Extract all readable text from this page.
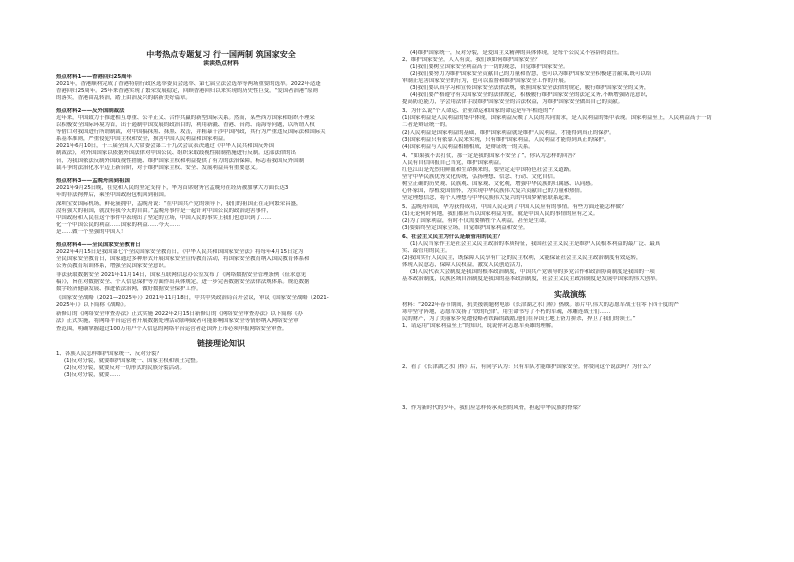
中考热点专题复习 行一国两制 筑国家安全
读读热点材料
热点材料1——香港回归25周年
2021年，香港顺利完成了香港特别行政区选举委员会选举、第七届立法会选举等两场重要的选举。2022年适逢
香港回归25周年。25年来香港实现了繁荣发展稳定，回顾香港回归以来实现的历史性巨变，“爱国者治港”原则
的落实，香港由乱转治，踏上由治及兴的崭新美好篇章。
热点材料2——反外国制裁法
近年来，中国致力于推进相互尊重、公平正义、合作共赢的新型国际关系。然而，某些西方国家和组织不理采
以积极安全国际环境为首，出于遏制中国发展的政治目的，利用新疆、香港、台湾、南海等问题，以所谓人权
等借口对我国进行所谓制裁，对中国搞抹黑、抹黑、攻击，并粗暴干涉中国内政，其行为严重违反国际法和国际关
系基本准则，严重侵犯中国主权和安全，损害中国人民利益和国家利益。
2021年6月10日，十三届全国人大常委会第二十九次会议表决通过《中华人民共和国反外国
制裁法》，对外国国家以依据外国法律对中国公民、组织采取歧视性限制措施进行反制。这部法律的出
台，为我国依法反制外国歧视性措施、维护国家主权和利益提供了有力的法治保障，标志着我国反外国制
裁斗争的法治化水平迈上新台阶，对于维护国家主权、安全、发展利益具有重要意义。
热点材料3——孟晚舟回到祖国
2021年9月25日晚，在党和人民的坚定支持下，华为首席财务官孟晚舟在经历被加拿大方面长达3
年的非法拘押后，乘坐中国政府包机回到祖国。
深圳宝安国际机场，鲜花簇拥中，孟晚舟说：“在中国共产党的领导下，我们的祖国正在走向繁荣昌盛，
没有强大的祖国，就没有我今天的自由。”孟晚舟事件是一起针对中国公民的政治迫害事件，
中国政府和人民在这个事件中表现出了坚定的立场，中国人民的事实上我们也意识到了……
化一个中国公民的利益……国家的利益……今天……
是……做一个坚强的中国人！
热点材料4——全民国家安全教育日
2022年4月15日是我国第七个全民国家安全教育日，《中华人民共和国国家安全法》将每年4月15日定为
全民国家安全教育日，国家通过多种形式开展国家安全宣传教育活动，将国家安全教育纳入国民教育体系和
公务员教育培训体系，增强全民国家安全意识。
非法获取数据安全 2021年11月14日，国家互联网信息办公室发布了《网络数据安全管理条例（征求意见
稿）》，旨在对数据安全、个人信息保护等方面作出具体规定，进一步完善数据安全法律法规体系。规范数据
数字经济健康发展、推进依法治网，做好数据安全保护工作。
《国家安全战略（2021—2025年）》2021年11月18日，中共中央政治局召开会议，审议《国家安全战略（2021-
2025年）》以下简称《战略》。
新修订的《网络安全审查办法》正式实施 2022年2月15日新修订的《网络安全审查办法》以下简称《办
法》正式实施，将网络平台运营者开展数据处理活动影响或者可能影响国家安全等情形纳入网络安全审
查范围，明确掌握超过100万用户个人信息的网络平台运营者赴国外上市必须申报网络安全审查。
链接理论知识
1、各族人民怎样维护国家统一、反对分裂？
(1)反对分裂，就要维护国家统一、国家主权和领土完整。
(2)反对分裂，就要反对一切形式的民族分裂活动。
(3)反对分裂，就要……
(4)维护国家统一，反对分裂，是爱国主义精神的具体体现，是每个公民义不容辞的责任。
2、维护国家安全，人人有责，我们该如何维护国家安全？
(1)我们要树立国家安全利益高于一切的观念，自觉维护国家安全。
(2)我们要努力为维护国家安全贡献自己的力量和智慧，也可以为维护国家安全积极建言献策,既可以给
审制止危害国家安全的行为，也可以监督和维护国家安全工作的开展。
(3)我们要认真学习和宣传国家安全法律法规，依照国家安全法律的规定，履行维护国家安全的义务，
(4)我们要严格遵守有关国家安全的法律规定，积极履行维护国家安全的法定义务,不断增强防范意识，
提高防范能力，学会用法律手段维护国家安全的合法权益，为维护国家安全做出自己的贡献。
3、为什么说“个人命运、企业命运和国家的命运是牢牢相连的”？
(1)国家利益是人民利益的集中体现，国家利益反映了人民的共同需求，是人民利益的集中表现。国家利益至上，人民利益高于一切
二者是辩证统一的。
(2)人民利益是国家利益的基础，维护国家利益就是维护人民利益，才能得到真正的保护。
(3)国家利益只有依靠人民来实现，只有维护国家利益，人民利益才能得到真正的保护。
(4)国家利益与人民利益相辅相成，是辩证统一的关系。
4、“如果我不去打仗，那一定是我的国家不安全了”，你认为怎样的回答？
人民有自信回报自己当党，维护国家利益。
红色江山是先烈用鲜血和生命换来的，要坚定走中国特色社会主义道路。
坚守中华民族优秀文化传统，弘扬理想、信念、行动、文化自信。
树立正确的历史观、民族观、国家观、文化观，增强中华民族的归属感、认同感。
心怀家国，厚植爱国情怀，为实现中华民族伟大复兴贡献自己的力量和热情。
坚定理想信念，将个人理想与中华民族伟大复兴的中国梦紧密联系起来。
5、孟晚舟回国，华为获得成功，中国人民走到了中国人民应有的事情。有些方面还能怎样做？
(1)无论何时何地，我们都应当以国家利益为重，就是中国人民的事情的应有之义。
(2)为了国家利益，有时不仅需要牺牲个人利益，甚至是生命。
(3)要始终坚定国家立场，自觉维护国家利益和安全。
6、社会主义民主为什么是最管用的民主？
(1)人民当家作主是社会主义民主政治的本质特征，我国社会主义民主是维护人民根本利益的最广泛、最真
实、最管用的民主。
(2)我国实行人民民主，既保障人民享有广泛的民主权利，又能保证社会主义民主政治制度有效运转，
体现人民意志，保障人民权益，激发人民创造活力，
(3)人民代表大会制度是我国的根本政治制度，中国共产党领导的多党合作和政治协商制度是我国的一项
基本政治制度，民族区域自治制度是我国的基本政治制度，社会主义民主政治制度是发展中国家的伟大创举。
实战演练
材料：“2022年春节期间，抗美援朝题材电影《长津湖之水门桥》热映。影片中,伟大的志愿军战士在零下四十度的严
寒中坚守阵地，志愿军发扬了‘铁的纪律’，用生命书写了不朽的军魂，冰雕连战士们……
民的财产，为了美丽家乡免遭侵略者铁蹄的践踏,他们在异国土地上奋力拼杀，捍卫了我们的领土。”
1、请运用“国家利益至上”的知识，说说你对志愿军英雄的理解。
2、看了《长津湖之水门桥》后，有同学认为：只有军队才能维护国家安全。你赞同这个说法吗？为什么？
3、作为新时代的少年，我们应怎样传承英烈的风骨，担起中华民族的脊梁？
